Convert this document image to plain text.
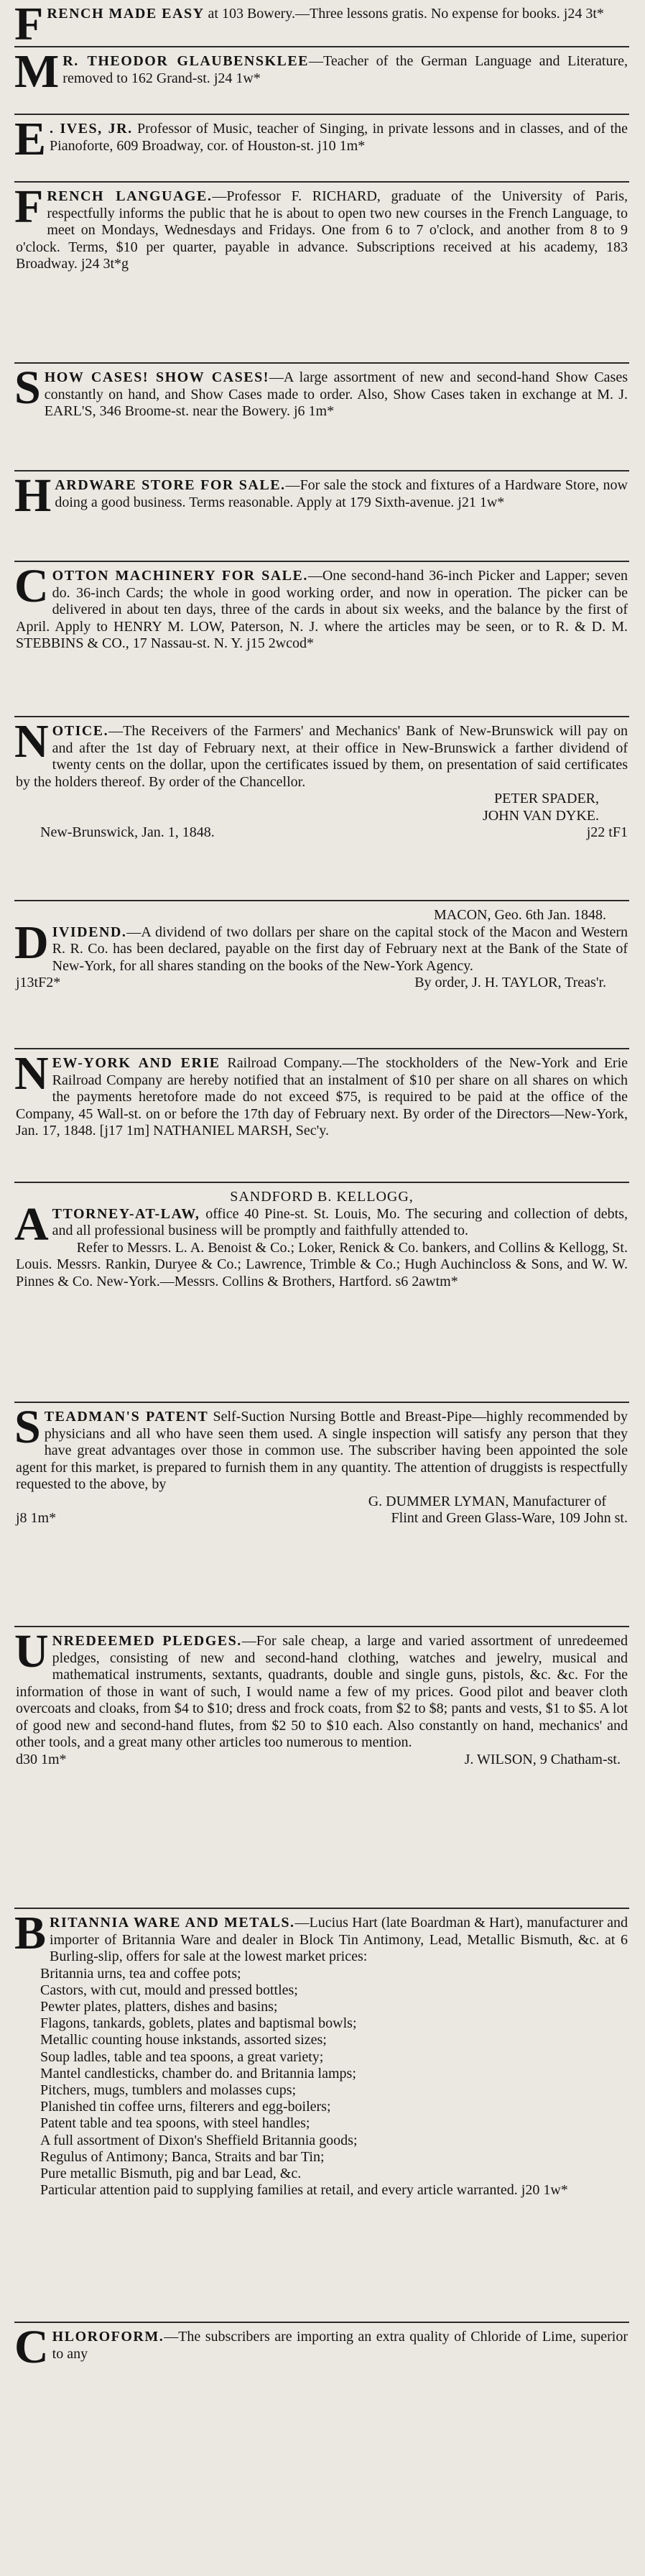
FRENCH MADE EASY at 103 Bowery.—Three lessons gratis. No expense for books. j24 3t*

M R. THEODOR GLAUBENSKLEE—Teacher of the German Language and Literature, removed to 162 Grand-st. j24 1w*

E . IVES, JR. Professor of Music, teacher of Singing, in private lessons and in classes, and of the Pianoforte, 609 Broadway, cor. of Houston-st. j10 1m*

FRENCH LANGUAGE.—Professor F. RICHARD, graduate of the University of Paris, respectfully informs the public that he is about to open two new courses in the French Language, to meet on Mondays, Wednesdays and Fridays. One from 6 to 7 o'clock, and another from 8 to 9 o'clock. Terms, $10 per quarter, payable in advance. Subscriptions received at his academy, 183 Broadway. j24 3t*g

SHOW CASES! SHOW CASES!—A large assortment of new and second-hand Show Cases constantly on hand, and Show Cases made to order. Also, Show Cases taken in exchange at M. J. EARL'S, 346 Broome-st. near the Bowery. j6 1m*

HARDWARE STORE FOR SALE.—For sale the stock and fixtures of a Hardware Store, now doing a good business. Terms reasonable. Apply at 179 Sixth-avenue. j21 1w*

COTTON MACHINERY FOR SALE.—One second-hand 36-inch Picker and Lapper; seven do. 36-inch Cards; the whole in good working order, and now in operation. The picker can be delivered in about ten days, three of the cards in about six weeks, and the balance by the first of April. Apply to HENRY M. LOW, Paterson, N. J. where the articles may be seen, or to R. & D. M. STEBBINS & CO., 17 Nassau-st. N. Y. j15 2wcod*

NOTICE.—The Receivers of the Farmers' and Mechanics' Bank of New-Brunswick will pay on and after the 1st day of February next, at their office in New-Brunswick a farther dividend of twenty cents on the dollar, upon the certificates issued by them, on presentation of said certificates by the holders thereof. By order of the Chancellor.

PETER SPADER,
JOHN VAN DYKE.
New-Brunswick, Jan. 1, 1848.	j22 tF1
MACON, Geo. 6th Jan. 1848.

DIVIDEND.—A dividend of two dollars per share on the capital stock of the Macon and Western R. R. Co. has been declared, payable on the first day of February next at the Bank of the State of New-York, for all shares standing on the books of the New-York Agency.

j13tF2*	By order, J. H. TAYLOR, Treas'r.

NEW-YORK AND ERIE Railroad Company.—The stockholders of the New-York and Erie Railroad Company are hereby notified that an instalment of $10 per share on all shares on which the payments heretofore made do not exceed $75, is required to be paid at the office of the Company, 45 Wall-st. on or before the 17th day of February next. By order of the Directors—New-York, Jan. 17, 1848. [j17 1m] NATHANIEL MARSH, Sec'y.

SANDFORD B. KELLOGG,

ATTORNEY-AT-LAW, office 40 Pine-st. St. Louis, Mo. The securing and collection of debts, and all professional business will be promptly and faithfully attended to.

Refer to Messrs. L. A. Benoist & Co.; Loker, Renick & Co. bankers, and Collins & Kellogg, St. Louis. Messrs. Rankin, Duryee & Co.; Lawrence, Trimble & Co.; Hugh Auchincloss & Sons, and W. W. Pinnes & Co. New-York.—Messrs. Collins & Brothers, Hartford. s6 2awtm*

STEADMAN'S PATENT Self-Suction Nursing Bottle and Breast-Pipe—highly recommended by physicians and all who have seen them used. A single inspection will satisfy any person that they have great advantages over those in common use. The subscriber having been appointed the sole agent for this market, is prepared to furnish them in any quantity. The attention of druggists is respectfully requested to the above, by

G. DUMMER LYMAN, Manufacturer of
j8 1m*	Flint and Green Glass-Ware, 109 John st.

UNREDEEMED PLEDGES.—For sale cheap, a large and varied assortment of unredeemed pledges, consisting of new and second-hand clothing, watches and jewelry, musical and mathematical instruments, sextants, quadrants, double and single guns, pistols, &c. &c. For the information of those in want of such, I would name a few of my prices. Good pilot and beaver cloth overcoats and cloaks, from $4 to $10; dress and frock coats, from $2 to $8; pants and vests, $1 to $5. A lot of good new and second-hand flutes, from $2 50 to $10 each. Also constantly on hand, mechanics' and other tools, and a great many other articles too numerous to mention.

d30 1m*	J. WILSON, 9 Chatham-st.

BRITANNIA WARE AND METALS.—Lucius Hart (late Boardman & Hart), manufacturer and importer of Britannia Ware and dealer in Block Tin Antimony, Lead, Metallic Bismuth, &c. at 6 Burling-slip, offers for sale at the lowest market prices:

Britannia urns, tea and coffee pots;
Castors, with cut, mould and pressed bottles;
Pewter plates, platters, dishes and basins;
Flagons, tankards, goblets, plates and baptismal bowls;
Metallic counting house inkstands, assorted sizes;
Soup ladles, table and tea spoons, a great variety;
Mantel candlesticks, chamber do. and Britannia lamps;
Pitchers, mugs, tumblers and molasses cups;
Planished tin coffee urns, filterers and egg-boilers;
Patent table and tea spoons, with steel handles;
A full assortment of Dixon's Sheffield Britannia goods;
Regulus of Antimony; Banca, Straits and bar Tin;
Pure metallic Bismuth, pig and bar Lead, &c.

Particular attention paid to supplying families at retail, and every article warranted. j20 1w*

CHLOROFORM.—The subscribers are importing an extra quality of Chloride of Lime, superior to any
